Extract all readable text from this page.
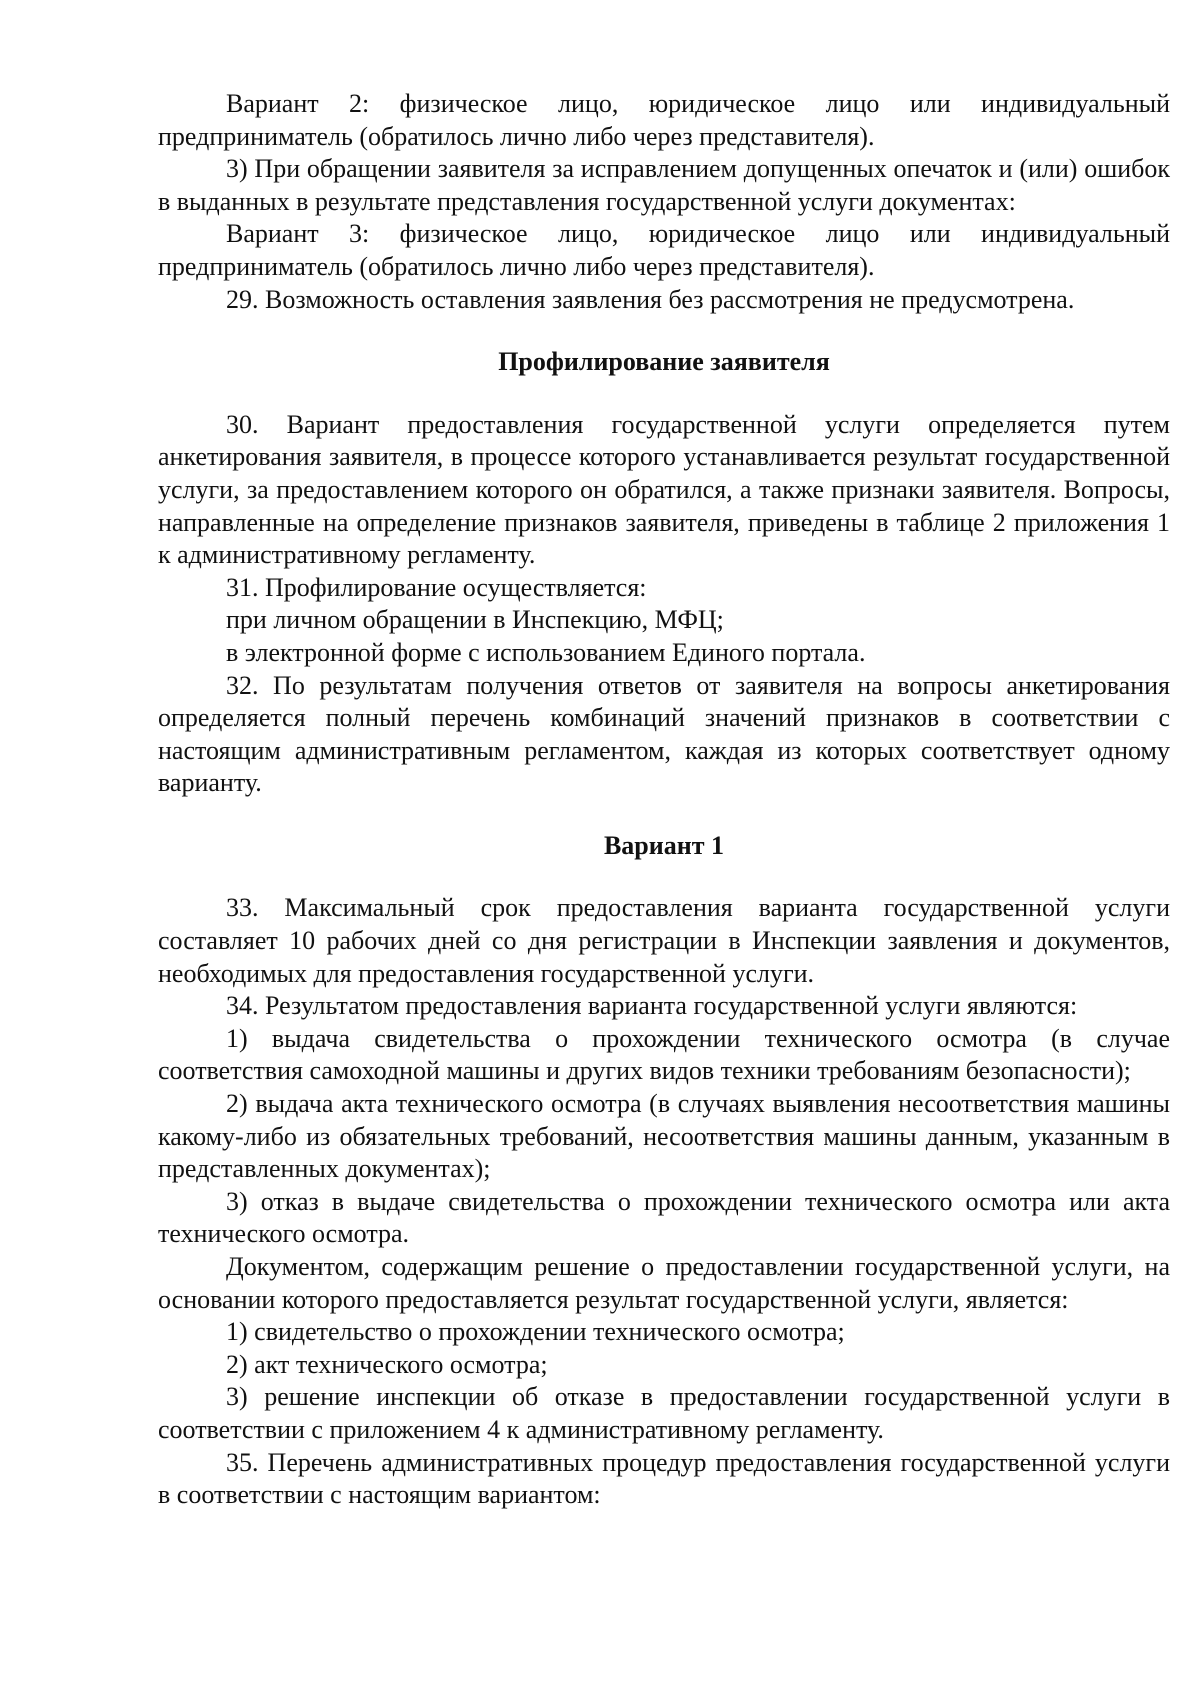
Вариант 2: физическое лицо, юридическое лицо или индивидуальный предприниматель (обратилось лично либо через представителя).

3) При обращении заявителя за исправлением допущенных опечаток и (или) ошибок в выданных в результате представления государственной услуги документах:

Вариант 3: физическое лицо, юридическое лицо или индивидуальный предприниматель (обратилось лично либо через представителя).

29. Возможность оставления заявления без рассмотрения не предусмотрена.

Профилирование заявителя

30. Вариант предоставления государственной услуги определяется путем анкетирования заявителя, в процессе которого устанавливается результат государственной услуги, за предоставлением которого он обратился, а также признаки заявителя. Вопросы, направленные на определение признаков заявителя, приведены в таблице 2 приложения 1 к административному регламенту.

31. Профилирование осуществляется:

при личном обращении в Инспекцию, МФЦ;

в электронной форме с использованием Единого портала.

32. По результатам получения ответов от заявителя на вопросы анкетирования определяется полный перечень комбинаций значений признаков в соответствии с настоящим административным регламентом, каждая из которых соответствует одному варианту.

Вариант 1

33. Максимальный срок предоставления варианта государственной услуги составляет 10 рабочих дней со дня регистрации в Инспекции заявления и документов, необходимых для предоставления государственной услуги.

34. Результатом предоставления варианта государственной услуги являются:

1) выдача свидетельства о прохождении технического осмотра (в случае соответствия самоходной машины и других видов техники требованиям безопасности);

2) выдача акта технического осмотра (в случаях выявления несоответствия машины какому-либо из обязательных требований, несоответствия машины данным, указанным в представленных документах);

3) отказ в выдаче свидетельства о прохождении технического осмотра или акта технического осмотра.

Документом, содержащим решение о предоставлении государственной услуги, на основании которого предоставляется результат государственной услуги, является:

1) свидетельство о прохождении технического осмотра;

2) акт технического осмотра;

3) решение инспекции об отказе в предоставлении государственной услуги в соответствии с приложением 4 к административному регламенту.

35. Перечень административных процедур предоставления государственной услуги в соответствии с настоящим вариантом:
